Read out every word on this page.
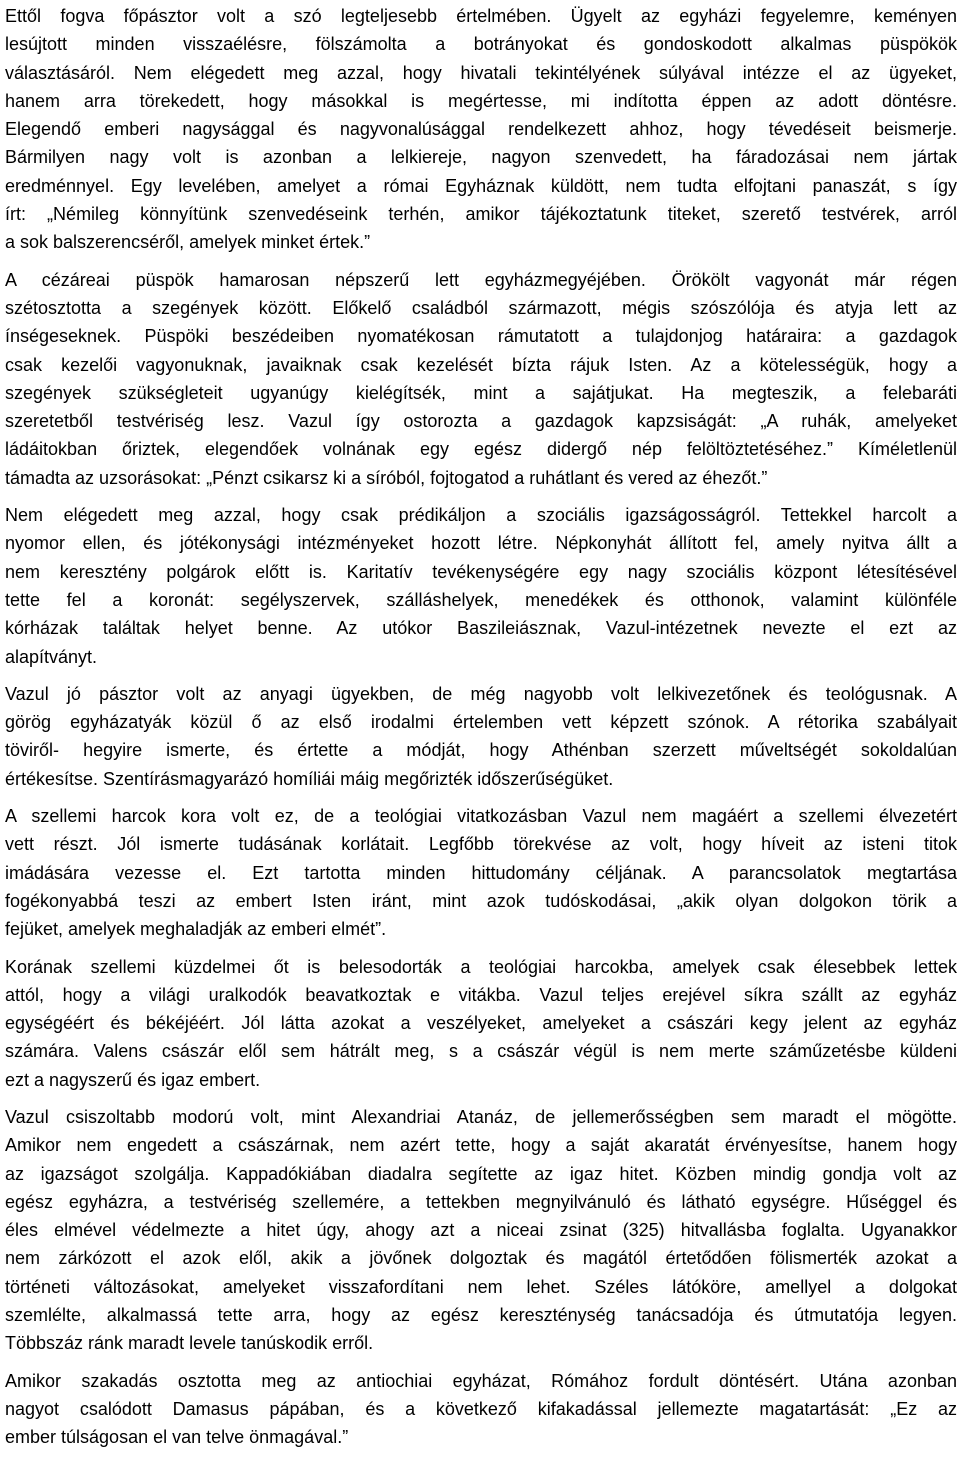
Ettől fogva főpásztor volt a szó legteljesebb értelmében. Ügyelt az egyházi fegyelemre, keményen
lesújtott minden visszaélésre, fölszámolta a botrányokat és gondoskodott alkalmas püspökök
választásáról. Nem elégedett meg azzal, hogy hivatali tekintélyének súlyával intézze el az ügyeket,
hanem arra törekedett, hogy másokkal is megértesse, mi indította éppen az adott döntésre.
Elegendő emberi nagysággal és nagyvonalúsággal rendelkezett ahhoz, hogy tévedéseit beismerje.
Bármilyen nagy volt is azonban a lelkiereje, nagyon szenvedett, ha fáradozásai nem jártak
eredménnyel. Egy levelében, amelyet a római Egyháznak küldött, nem tudta elfojtani panaszát, s így
írt: „Némileg könnyítünk szenvedéseink terhén, amikor tájékoztatunk titeket, szerető testvérek, arról
a sok balszerencséről, amelyek minket értek.”
A cézáreai püspök hamarosan népszerű lett egyházmegyéjében. Örökölt vagyonát már régen
szétosztotta a szegények között. Előkelő családból származott, mégis szószólója és atyja lett az
ínségeseknek. Püspöki beszédeiben nyomatékosan rámutatott a tulajdonjog határaira: a gazdagok
csak kezelői vagyonuknak, javaiknak csak kezelését bízta rájuk Isten. Az a kötelességük, hogy a
szegények szükségleteit ugyanúgy kielégítsék, mint a sajátjukat. Ha megteszik, a felebaráti
szeretetből testvériség lesz. Vazul így ostorozta a gazdagok kapzsiságát: „A ruhák, amelyeket
ládáitokban őriztek, elegendőek volnának egy egész didergő nép felöltöztetéséhez.” Kíméletlenül
támadta az uzsorásokat: „Pénzt csikarsz ki a síróból, fojtogatod a ruhátlant és vered az éhezőt.”
Nem elégedett meg azzal, hogy csak prédikáljon a szociális igazságosságról. Tettekkel harcolt a
nyomor ellen, és jótékonysági intézményeket hozott létre. Népkonyhát állított fel, amely nyitva állt a
nem keresztény polgárok előtt is. Karitatív tevékenységére egy nagy szociális központ létesítésével
tette fel a koronát: segélyszervek, szálláshelyek, menedékek és otthonok, valamint különféle
kórházak találtak helyet benne. Az utókor Baszileiásznak, Vazul-intézetnek nevezte el ezt az
alapítványt.
Vazul jó pásztor volt az anyagi ügyekben, de még nagyobb volt lelkivezetőnek és teológusnak. A
görög egyházatyák közül ő az első irodalmi értelemben vett képzett szónok. A rétorika szabályait
töviről- hegyire ismerte, és értette a módját, hogy Athénban szerzett műveltségét sokoldalúan
értékesítse. Szentírásmagyarázó homíliái máig megőrizték időszerűségüket.
A szellemi harcok kora volt ez, de a teológiai vitatkozásban Vazul nem magáért a szellemi élvezetért
vett részt. Jól ismerte tudásának korlátait. Legfőbb törekvése az volt, hogy híveit az isteni titok
imádására vezesse el. Ezt tartotta minden hittudomány céljának. A parancsolatok megtartása
fogékonyabbá teszi az embert Isten iránt, mint azok tudóskodásai, „akik olyan dolgokon törik a
fejüket, amelyek meghaladják az emberi elmét”.
Korának szellemi küzdelmei őt is belesodorták a teológiai harcokba, amelyek csak élesebbek lettek
attól, hogy a világi uralkodók beavatkoztak e vitákba. Vazul teljes erejével síkra szállt az egyház
egységéért és békéjéért. Jól látta azokat a veszélyeket, amelyeket a császári kegy jelent az egyház
számára. Valens császár elől sem hátrált meg, s a császár végül is nem merte száműzetésbe küldeni
ezt a nagyszerű és igaz embert.
Vazul csiszoltabb modorú volt, mint Alexandriai Atanáz, de jellemerősségben sem maradt el mögötte.
Amikor nem engedett a császárnak, nem azért tette, hogy a saját akaratát érvényesítse, hanem hogy
az igazságot szolgálja. Kappadókiában diadalra segítette az igaz hitet. Közben mindig gondja volt az
egész egyházra, a testvériség szellemére, a tettekben megnyilvánuló és látható egységre. Hűséggel és
éles elmével védelmezte a hitet úgy, ahogy azt a niceai zsinat (325) hitvallásba foglalta. Ugyanakkor
nem zárkózott el azok elől, akik a jövőnek dolgoztak és magától értetődően fölismerték azokat a
történeti változásokat, amelyeket visszafordítani nem lehet. Széles látóköre, amellyel a dolgokat
szemlélte, alkalmassá tette arra, hogy az egész kereszténység tanácsadója és útmutatója legyen.
Többszáz ránk maradt levele tanúskodik erről.
Amikor szakadás osztotta meg az antiochiai egyházat, Rómához fordult döntésért. Utána azonban
nagyot csalódott Damasus pápában, és a következő kifakadással jellemezte magatartását: „Ez az
ember túlságosan el van telve önmagával.”
